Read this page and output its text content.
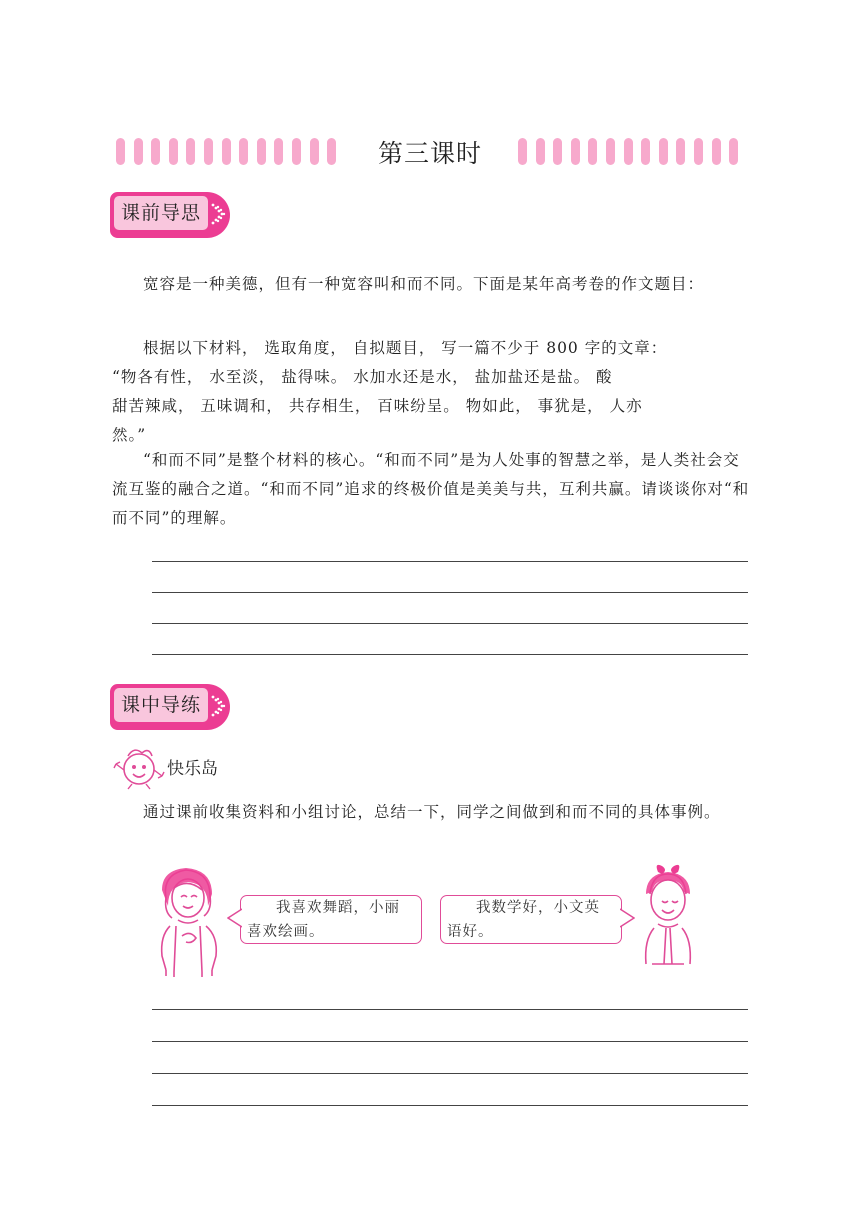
第三课时
课前导思

宽容是一种美德，但有一种宽容叫和而不同。下面是某年高考卷的作文题目：

根据以下材料， 选取角度， 自拟题目， 写一篇不少于 800 字的文章：
“物各有性， 水至淡， 盐得味。 水加水还是水， 盐加盐还是盐。 酸
甜苦辣咸， 五味调和， 共存相生， 百味纷呈。 物如此， 事犹是， 人亦
然。”

“和而不同”是整个材料的核心。“和而不同”是为人处事的智慧之举，是人类社会交流互鉴的融合之道。“和而不同”追求的终极价值是美美与共，互利共赢。请谈谈你对“和而不同”的理解。

课中导练
快乐岛

通过课前收集资料和小组讨论，总结一下，同学之间做到和而不同的具体事例。

我喜欢舞蹈，小丽喜欢绘画。

我数学好，小文英语好。
